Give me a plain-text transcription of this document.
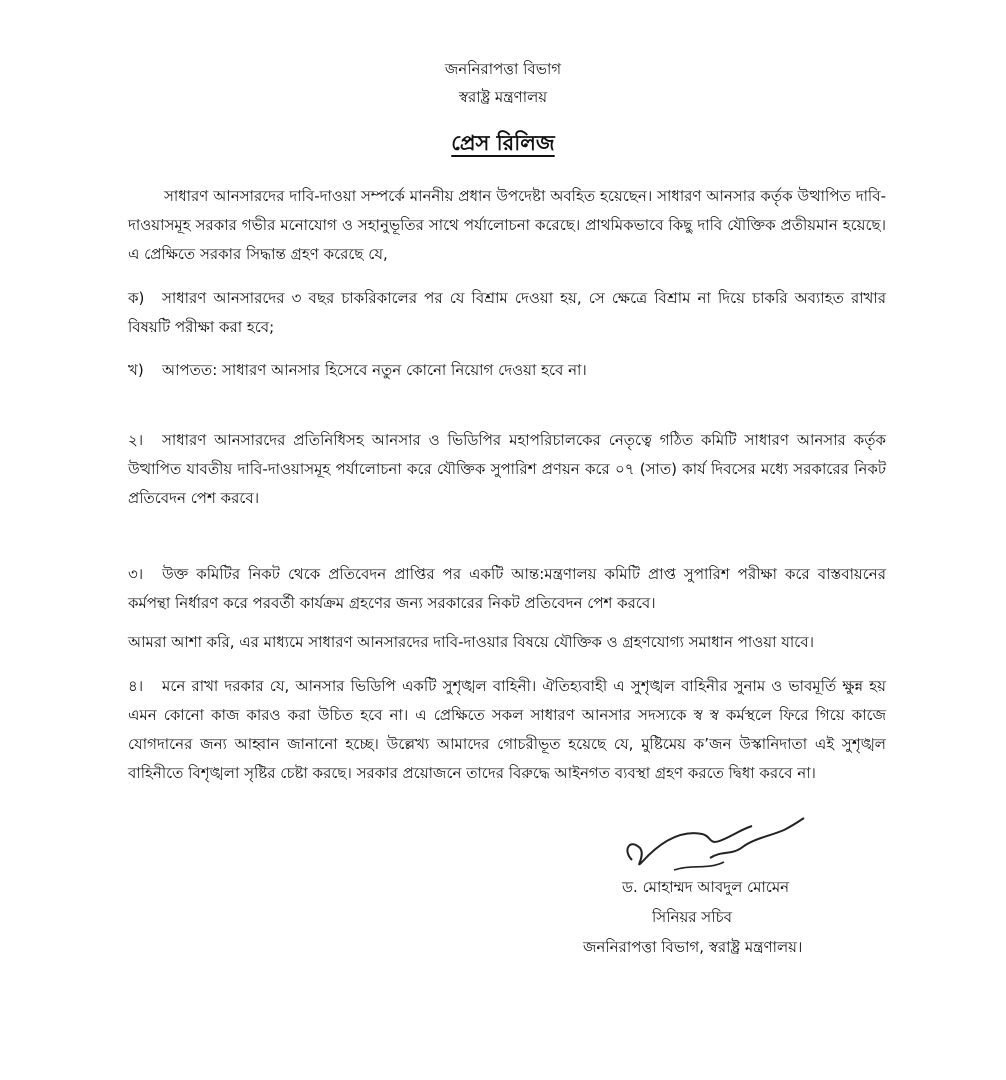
জননিরাপত্তা বিভাগ
স্বরাষ্ট্র মন্ত্রণালয়
প্রেস রিলিজ
সাধারণ আনসারদের দাবি-দাওয়া সম্পর্কে মাননীয় প্রধান উপদেষ্টা অবহিত হয়েছেন। সাধারণ আনসার কর্তৃক উত্থাপিত দাবি-দাওয়াসমূহ সরকার গভীর মনোযোগ ও সহানুভূতির সাথে পর্যালোচনা করেছে। প্রাথমিকভাবে কিছু দাবি যৌক্তিক প্রতীয়মান হয়েছে। এ প্রেক্ষিতে সরকার সিদ্ধান্ত গ্রহণ করেছে যে,
ক) সাধারণ আনসারদের ৩ বছর চাকরিকালের পর যে বিশ্রাম দেওয়া হয়, সে ক্ষেত্রে বিশ্রাম না দিয়ে চাকরি অব্যাহত রাখার বিষয়টি পরীক্ষা করা হবে;
খ) আপতত: সাধারণ আনসার হিসেবে নতুন কোনো নিয়োগ দেওয়া হবে না।
২। সাধারণ আনসারদের প্রতিনিধিসহ আনসার ও ভিডিপির মহাপরিচালকের নেতৃত্বে গঠিত কমিটি সাধারণ আনসার কর্তৃক উত্থাপিত যাবতীয় দাবি-দাওয়াসমূহ পর্যালোচনা করে যৌক্তিক সুপারিশ প্রণয়ন করে ০৭ (সাত) কার্য দিবসের মধ্যে সরকারের নিকট প্রতিবেদন পেশ করবে।
৩। উক্ত কমিটির নিকট থেকে প্রতিবেদন প্রাপ্তির পর একটি আন্ত:মন্ত্রণালয় কমিটি প্রাপ্ত সুপারিশ পরীক্ষা করে বাস্তবায়নের কর্মপন্থা নির্ধারণ করে পরবর্তী কার্যক্রম গ্রহণের জন্য সরকারের নিকট প্রতিবেদন পেশ করবে।
আমরা আশা করি, এর মাধ্যমে সাধারণ আনসারদের দাবি-দাওয়ার বিষয়ে যৌক্তিক ও গ্রহণযোগ্য সমাধান পাওয়া যাবে।
৪। মনে রাখা দরকার যে, আনসার ভিডিপি একটি সুশৃঙ্খল বাহিনী। ঐতিহ্যবাহী এ সুশৃঙ্খল বাহিনীর সুনাম ও ভাবমূর্তি ক্ষুন্ন হয় এমন কোনো কাজ কারও করা উচিত হবে না। এ প্রেক্ষিতে সকল সাধারণ আনসার সদস্যকে স্ব স্ব কর্মস্থলে ফিরে গিয়ে কাজে যোগদানের জন্য আহ্বান জানানো হচ্ছে। উল্লেখ্য আমাদের গোচরীভূত হয়েছে যে, মুষ্টিমেয় ক’জন উস্কানিদাতা এই সুশৃঙ্খল বাহিনীতে বিশৃঙ্খলা সৃষ্টির চেষ্টা করছে। সরকার প্রয়োজনে তাদের বিরুদ্ধে আইনগত ব্যবস্থা গ্রহণ করতে দ্বিধা করবে না।
ড. মোহাম্মদ আবদুল মোমেন
সিনিয়র সচিব
জননিরাপত্তা বিভাগ, স্বরাষ্ট্র মন্ত্রণালয়।
